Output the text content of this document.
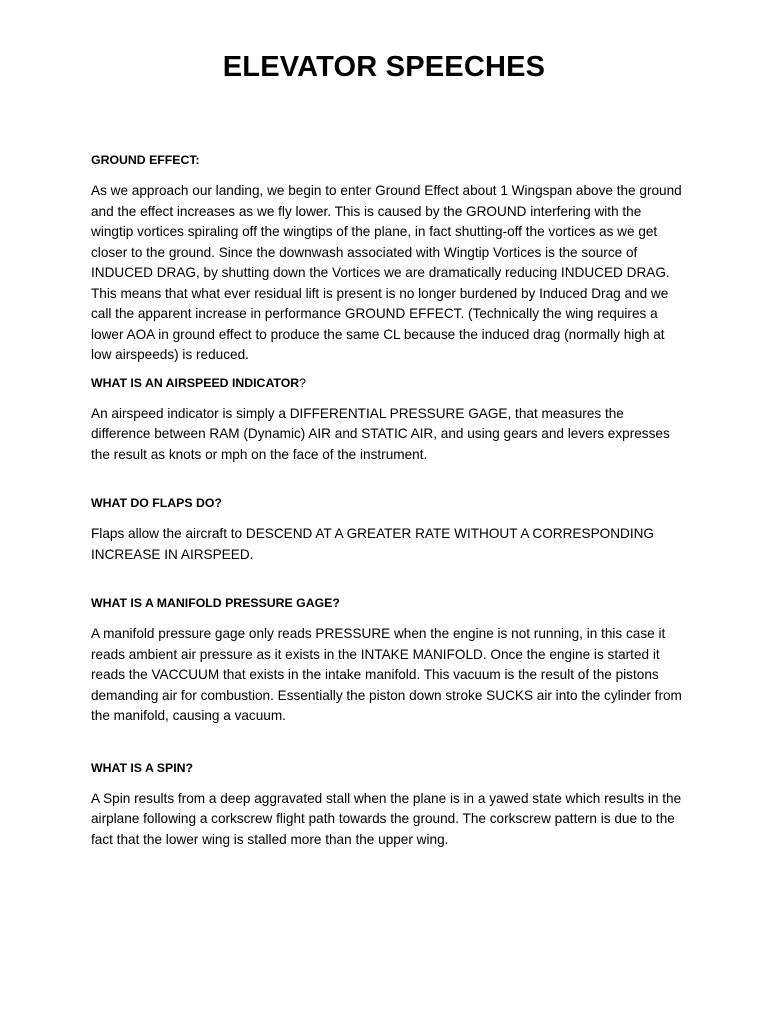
ELEVATOR SPEECHES

GROUND EFFECT:

As we approach our landing, we begin to enter Ground Effect about 1 Wingspan above the ground and the effect increases as we fly lower. This is caused by the GROUND interfering with the wingtip vortices spiraling off the wingtips of the plane, in fact shutting-off the vortices as we get closer to the ground. Since the downwash associated with Wingtip Vortices is the source of INDUCED DRAG, by shutting down the Vortices we are dramatically reducing INDUCED DRAG. This means that what ever residual lift is present is no longer burdened by Induced Drag and we call the apparent increase in performance GROUND EFFECT. (Technically the wing requires a lower AOA in ground effect to produce the same CL because the induced drag (normally high at low airspeeds) is reduced.

WHAT IS AN AIRSPEED INDICATOR?

An airspeed indicator is simply a DIFFERENTIAL PRESSURE GAGE, that measures the difference between RAM (Dynamic) AIR and STATIC AIR, and using gears and levers expresses the result as knots or mph on the face of the instrument.

WHAT DO FLAPS DO?

Flaps allow the aircraft to DESCEND AT A GREATER RATE WITHOUT A CORRESPONDING INCREASE IN AIRSPEED.

WHAT IS A MANIFOLD PRESSURE GAGE?

A manifold pressure gage only reads PRESSURE when the engine is not running, in this case it reads ambient air pressure as it exists in the INTAKE MANIFOLD. Once the engine is started it reads the VACCUUM that exists in the intake manifold. This vacuum is the result of the pistons demanding air for combustion. Essentially the piston down stroke SUCKS air into the cylinder from the manifold, causing a vacuum.

WHAT IS A SPIN?

A Spin results from a deep aggravated stall when the plane is in a yawed state which results in the airplane following a corkscrew flight path towards the ground. The corkscrew pattern is due to the fact that the lower wing is stalled more than the upper wing.
